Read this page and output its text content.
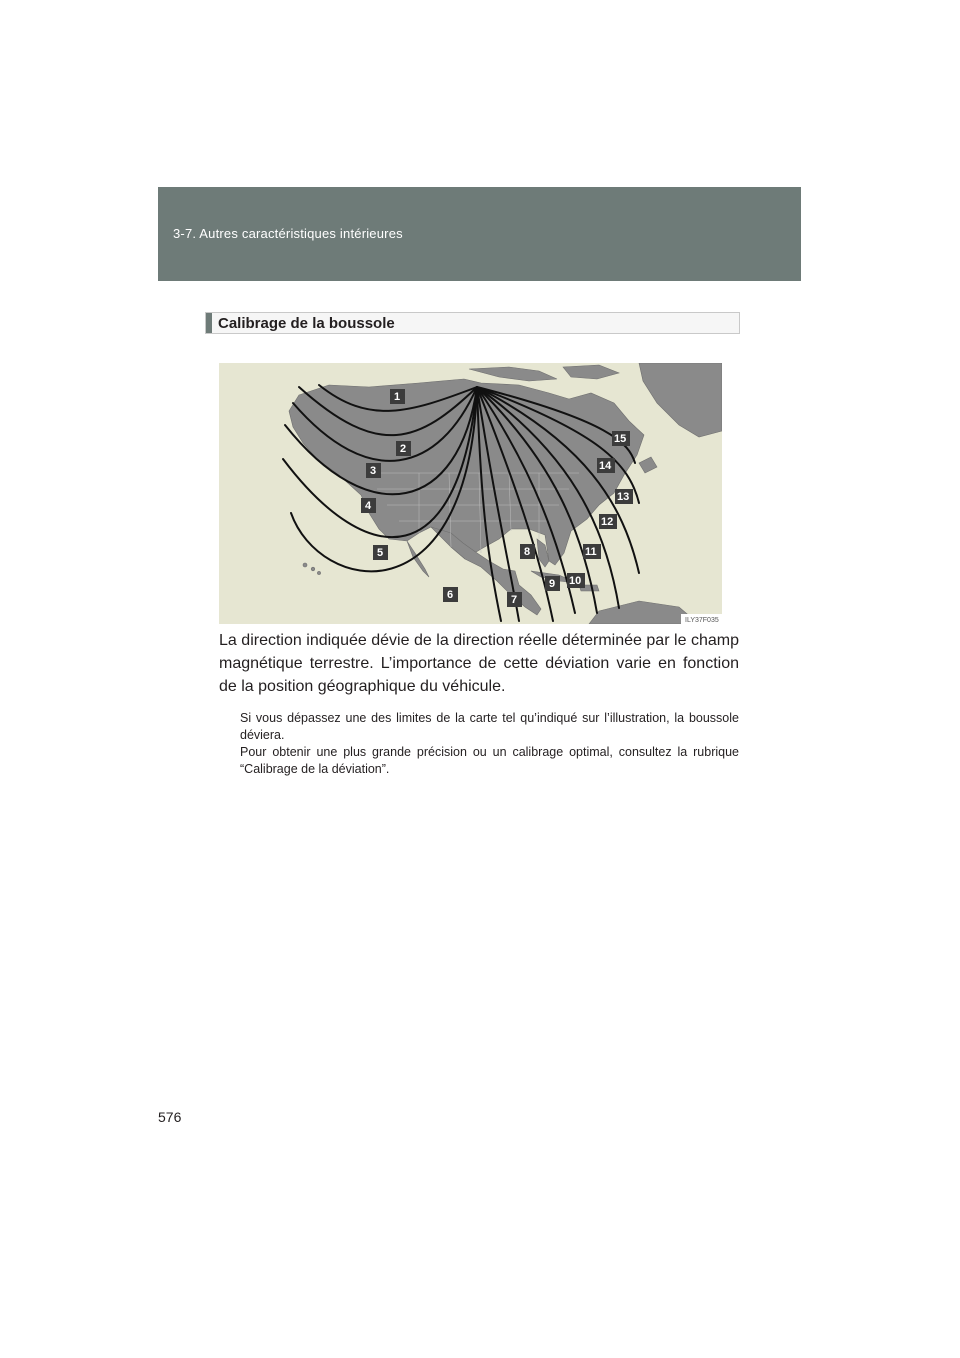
3-7. Autres caractéristiques intérieures
Calibrage de la boussole
1
2
3
4
5
6	7
8
9 10
11
12
13
14
15
ILY37F035

La direction indiquée dévie de la direction réelle déterminée par le champ magnétique terrestre. L’importance de cette déviation varie en fonction de la position géographique du véhicule.

Si vous dépassez une des limites de la carte tel qu’indiqué sur l’illustration, la boussole déviera.

Pour obtenir une plus grande précision ou un calibrage optimal, consultez la rubrique “Calibrage de la déviation”.

576
